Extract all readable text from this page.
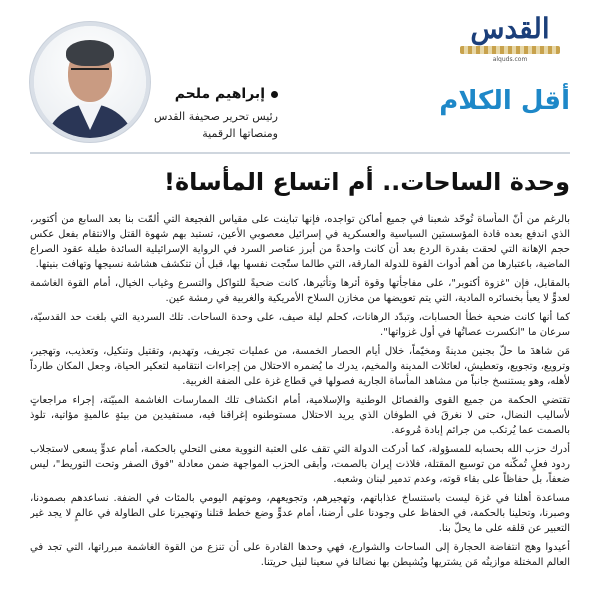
إبراهيم ملحم
رئيس تحرير صحيفة القدس
ومنصاتها الرقمية
القدس
alquds.com
أقل الكلام
وحدة الساحات.. أم اتساع المأساة!

بالرغم من أنّ المأساة تُوحّد شعبنا في جميع أماكن تواجده، فإنها تباينت على مقياس الفجيعة التي ألمّت بنا بعد السابع من أكتوبر، الذي اندفع بعده قادة المؤسستين السياسية والعسكرية في إسرائيل معصوبي الأعين، تستبد بهم شهوة القتل والانتقام بفعل عكس حجم الإهانة التي لحقت بقدرة الردع بعد أن كانت واحدةً من أبرز عناصر السرد في الرواية الإسرائيلية السائدة طيلة عقود الصراع الماضية، باعتبارها من أهم أدوات القوة للدولة المارقة، التي طالما ستّجت نفسها بها، قبل أن تتكشف هشاشة نسيجها وتهافت بنيتها.

بالمقابل، فإن "غزوة أكتوبر"، على مفاجأتها وقوة أثرها وتأثيرها، كانت ضحيةً للتواكل والتسرع وغياب الخيال، أمام القوة الغاشمة لعدوٍّ لا يعبأ بخسائره المادية، التي يتم تعويضها من مخازن السلاح الأمريكية والغربية في رمشة عين.

كما أنها كانت ضحية خطأ الحسابات، وتبدّد الرهانات، كحلم ليلة صيف، على وحدة الساحات. تلك السردية التي بلغت حد القدسيّة، سرعان ما "انكسرت عصاتُها في أول غزواتها".

مَن شاهدَ ما حلّ بجنين مدينةً ومخيّماً، خلال أيام الحصار الخمسة، من عمليات تجريف، وتهديم، وتقتيل وتنكيل، وتعذيب، وتهجير، وترويع، وتجويع، وتعطيش، لعائلات المدينة والمخيم، يدرك ما يُضمره الاحتلال من إجراءات انتقامية لتعكير الحياة، وجعل المكان طارداً لأهله، وهو يستنسخ جانباً من مشاهد المأساة الجارية فصولها في قطاع غزة على الضفة الغربية.

تقتضي الحكمة من جميع القوى والفصائل الوطنية والإسلامية، أمام انكشاف تلك الممارسات الغاشمة المبيّتة، إجراء مراجعاتٍ لأساليب النضال، حتى لا نغرقَ في الطوفان الذي يريد الاحتلال مستوطنوه إغراقنا فيه، مستفيدين من بيئةٍ عالميةٍ مؤاتية، تلوذ بالصمت عما يُرتكب من جرائم إبادة مُروعة.

أدرك حزب الله بحسابه للمسؤولة، كما أدركت الدولة التي تقف على العتبة النووية معنى التحلي بالحكمة، أمام عدوٍّ يسعى لاستجلاب ردود فعلٍ تُمكّنه من توسيع المقتلة، فلاذت إيران بالصمت، وأبقى الحزب المواجهة ضمن معادلة "فوق الصفر وتحت التوريط"، ليس ضعفاً، بل حفاظاً على بقاء قوته، وعدم تدمير لبنان وشعبه.

مساعدة أهلنا في غزة ليست باستنساخ عذاباتهم، وتهجيرهم، وتجويعهم، وموتهم اليومي بالمئات في الضفة. نساعدهم بصمودنا، وصبرنا، وتحلينا بالحكمة، في الحفاظ على وجودنا على أرضنا، أمام عدوٍّ وضع خطط قتلنا وتهجيرنا على الطاولة في عالمٍ لا يجد غير التعبير عن قلقه على ما يحلّ بنا.

أعيدوا وهج انتفاضة الحجارة إلى الساحات والشوارع، فهي وحدها القادرة على أن تنزع من القوة الغاشمة مبرراتها، التي تجد في العالم المختلة موازينُه مَن يشتريها ويُشيطن بها نضالنا في سعينا لنيل حريتنا.
